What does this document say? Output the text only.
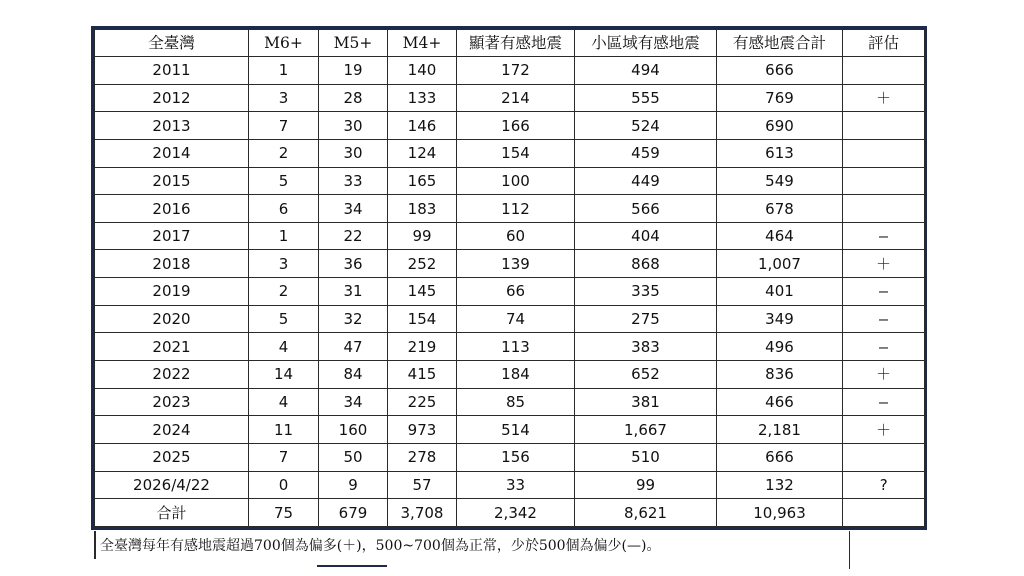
全臺灣	M6+	M5+	M4+	顯著有感地震	小區域有感地震	有感地震合計	評估
2011	1	19	140	172	494	666	
2012	3	28	133	214	555	769	＋
2013	7	30	146	166	524	690	
2014	2	30	124	154	459	613	
2015	5	33	165	100	449	549	
2016	6	34	183	112	566	678	
2017	1	22	99	60	404	464	—
2018	3	36	252	139	868	1,007	＋
2019	2	31	145	66	335	401	—
2020	5	32	154	74	275	349	—
2021	4	47	219	113	383	496	—
2022	14	84	415	184	652	836	＋
2023	4	34	225	85	381	466	—
2024	11	160	973	514	1,667	2,181	＋
2025	7	50	278	156	510	666	
2026/4/22	0	9	57	33	99	132	?
合計	75	679	3,708	2,342	8,621	10,963	
全臺灣每年有感地震超過700個為偏多(＋)，500~700個為正常，少於500個為偏少(—)。
